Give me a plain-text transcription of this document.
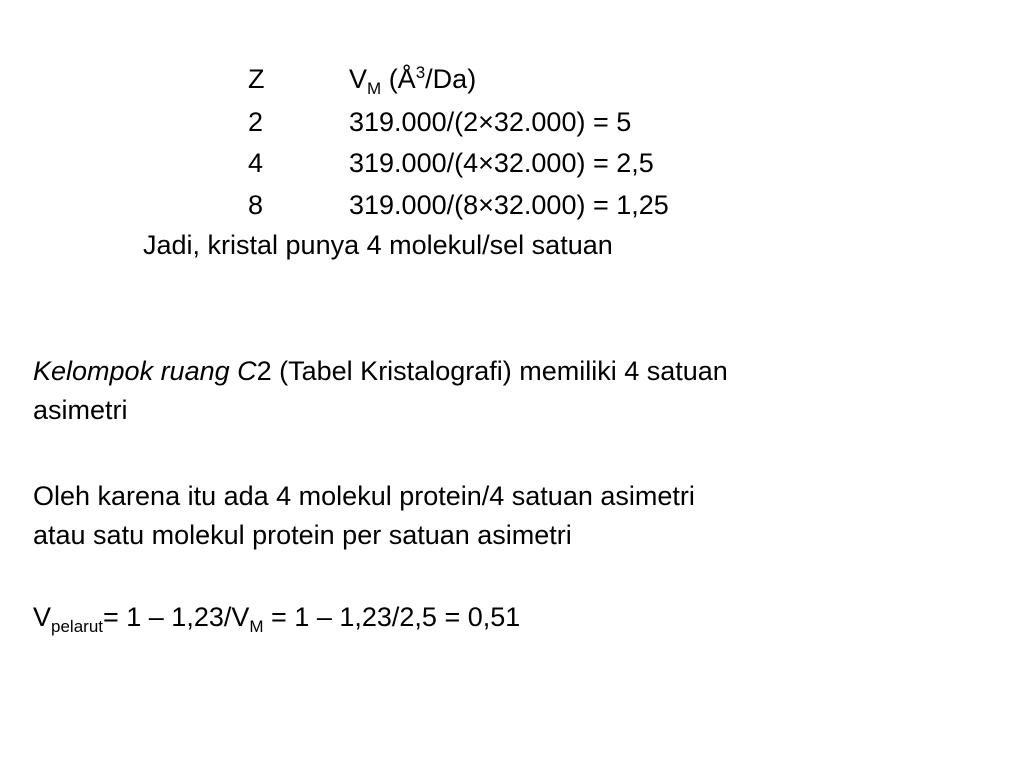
Z	$V_M$ $(Å^3/Da)$
2	319.000/(2×32.000) = 5
4	319.000/(4×32.000) = 2,5
8	319.000/(8×32.000) = 1,25
Jadi, kristal punya 4 molekul/sel satuan
Kelompok ruang C2 (Tabel Kristalografi) memiliki 4 satuan
asimetri
Oleh karena itu ada 4 molekul protein/4 satuan asimetri
atau satu molekul protein per satuan asimetri
$V_{pelarut}= 1 - 1,23/V_M = 1 - 1,23/2,5 = 0,51$
